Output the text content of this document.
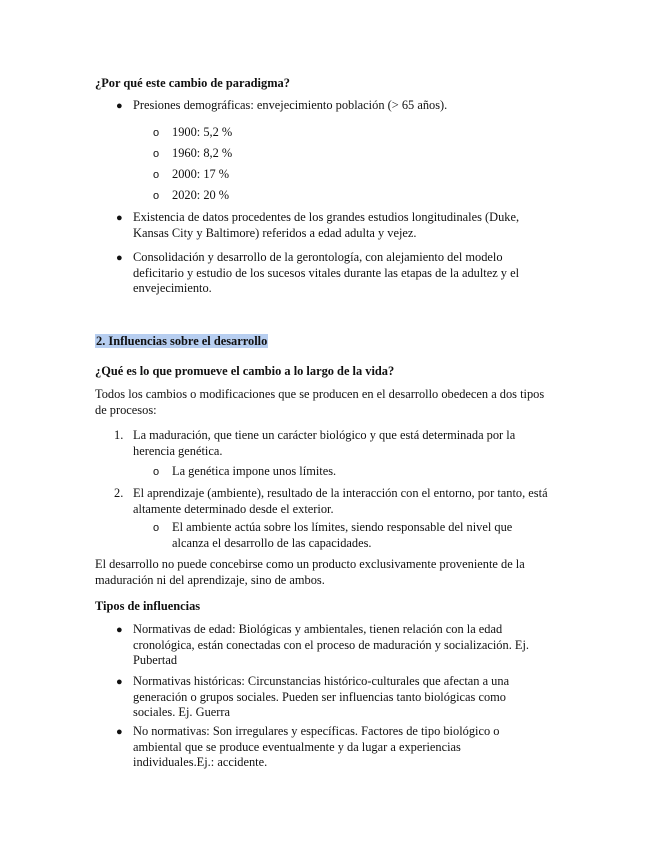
¿Por qué este cambio de paradigma?

● Presiones demográficas: envejecimiento población (> 65 años).

o 1900: 5,2 %

o 1960: 8,2 %

o 2000: 17 %

o 2020: 20 %

● Existencia de datos procedentes de los grandes estudios longitudinales (Duke, Kansas City y Baltimore) referidos a edad adulta y vejez.

● Consolidación y desarrollo de la gerontología, con alejamiento del modelo deficitario y estudio de los sucesos vitales durante las etapas de la adultez y el envejecimiento.

2. Influencias sobre el desarrollo

¿Qué es lo que promueve el cambio a lo largo de la vida?

Todos los cambios o modificaciones que se producen en el desarrollo obedecen a dos tipos de procesos:

1. La maduración, que tiene un carácter biológico y que está determinada por la herencia genética.

o La genética impone unos límites.

2. El aprendizaje (ambiente), resultado de la interacción con el entorno, por tanto, está altamente determinado desde el exterior.

o El ambiente actúa sobre los límites, siendo responsable del nivel que alcanza el desarrollo de las capacidades.

El desarrollo no puede concebirse como un producto exclusivamente proveniente de la maduración ni del aprendizaje, sino de ambos.

Tipos de influencias

● Normativas de edad: Biológicas y ambientales, tienen relación con la edad cronológica, están conectadas con el proceso de maduración y socialización. Ej. Pubertad

● Normativas históricas: Circunstancias histórico-culturales que afectan a una generación o grupos sociales. Pueden ser influencias tanto biológicas como sociales. Ej. Guerra

● No normativas: Son irregulares y específicas. Factores de tipo biológico o ambiental que se produce eventualmente y da lugar a experiencias individuales.Ej.: accidente.
